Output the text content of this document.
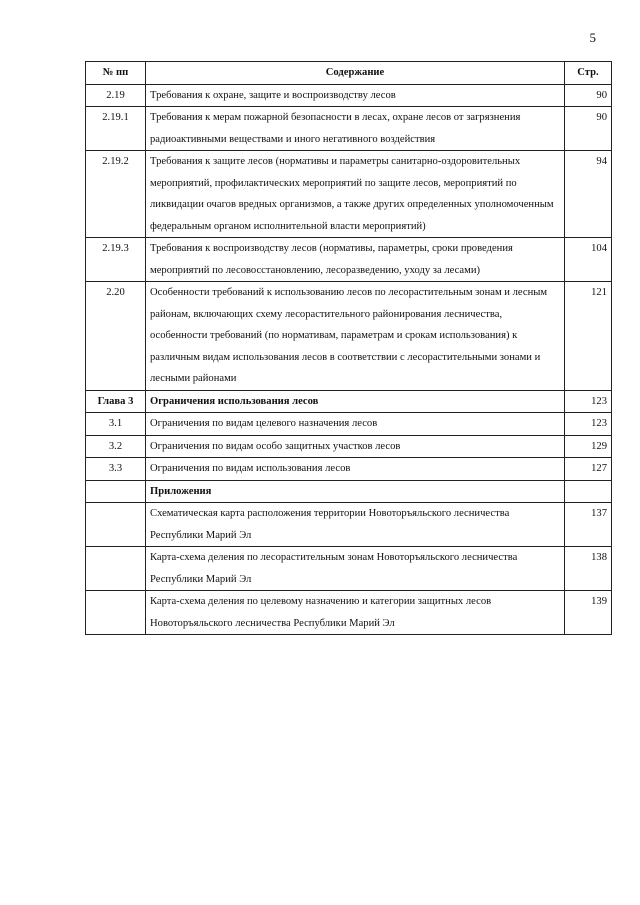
5
№ пп	Содержание	Стр.
2.19	Требования к охране, защите и воспроизводству лесов	90
2.19.1	Требования к мерам пожарной безопасности в лесах, охране лесов от загрязнения радиоактивными веществами и иного негативного воздействия	90
2.19.2	Требования к защите лесов (нормативы и параметры санитарно-оздоровительных мероприятий, профилактических мероприятий по защите лесов, мероприятий по ликвидации очагов вредных организмов, а также других определенных уполномоченным федеральным органом исполнительной власти мероприятий)	94
2.19.3	Требования к воспроизводству лесов (нормативы, параметры, сроки проведения мероприятий по лесовосстановлению, лесоразведению, уходу за лесами)	104
2.20	Особенности требований к использованию лесов по лесорастительным зонам и лесным районам, включающих схему лесорастительного районирования лесничества, особенности требований (по нормативам, параметрам и срокам использования) к различным видам использования лесов в соответствии с лесорастительными зонами и лесными районами	121
Глава 3	Ограничения использования лесов	123
3.1	Ограничения по видам целевого назначения лесов	123
3.2	Ограничения по видам особо защитных участков лесов	129
3.3	Ограничения по видам использования лесов	127
	Приложения	
	Схематическая карта расположения территории Новоторъяльского лесничества Республики Марий Эл	137
	Карта-схема деления по лесорастительным зонам Новоторъяльского лесничества Республики Марий Эл	138
	Карта-схема деления по целевому назначению и категории защитных лесов Новоторъяльского лесничества Республики Марий Эл	139
